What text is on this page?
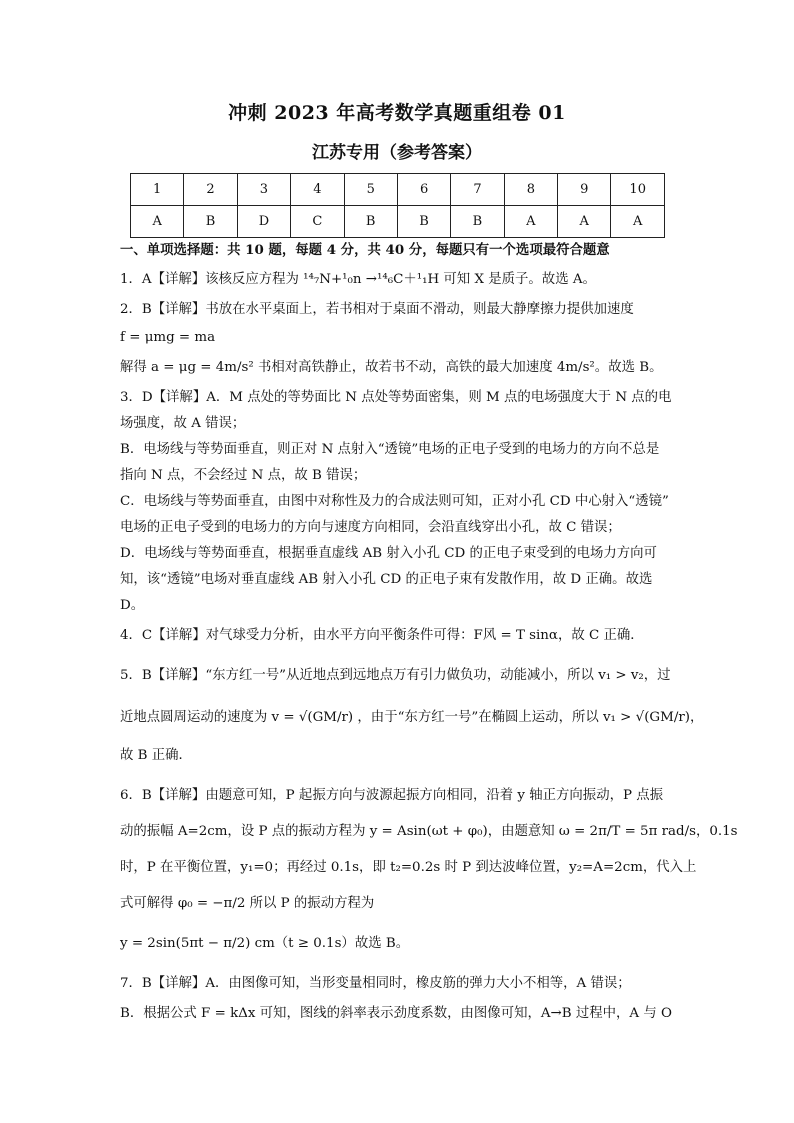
冲刺 2023 年高考数学真题重组卷 01
江苏专用（参考答案）
1	2	3	4	5	6	7	8	9	10
A	B	D	C	B	B	B	A	A	A
一、单项选择题：共 10 题，每题 4 分，共 40 分，每题只有一个选项最符合题意
1．A【详解】该核反应方程为 ¹⁴₇N+¹₀n →¹⁴₆C＋¹₁H 可知 X 是质子。故选 A。
2．B【详解】书放在水平桌面上，若书相对于桌面不滑动，则最大静摩擦力提供加速度
f = μmg = ma
解得 a = μg = 4m/s² 书相对高铁静止，故若书不动，高铁的最大加速度 4m/s²。故选 B。
3．D【详解】A．M 点处的等势面比 N 点处等势面密集，则 M 点的电场强度大于 N 点的电
场强度，故 A 错误；
B．电场线与等势面垂直，则正对 N 点射入“透镜”电场的正电子受到的电场力的方向不总是
指向 N 点，不会经过 N 点，故 B 错误；
C．电场线与等势面垂直，由图中对称性及力的合成法则可知，正对小孔 CD 中心射入“透镜”
电场的正电子受到的电场力的方向与速度方向相同，会沿直线穿出小孔，故 C 错误；
D．电场线与等势面垂直，根据垂直虚线 AB 射入小孔 CD 的正电子束受到的电场力方向可
知，该“透镜”电场对垂直虚线 AB 射入小孔 CD 的正电子束有发散作用，故 D 正确。故选
D。
4．C【详解】对气球受力分析，由水平方向平衡条件可得：F风 = T sinα，故 C 正确．
5．B【详解】“东方红一号”从近地点到远地点万有引力做负功，动能减小，所以 v₁ > v₂，过
近地点圆周运动的速度为 v = √(GM/r) ，由于“东方红一号”在椭圆上运动，所以 v₁ > √(GM/r)，
故 B 正确．
6．B【详解】由题意可知，P 起振方向与波源起振方向相同，沿着 y 轴正方向振动，P 点振
动的振幅 A=2cm，设 P 点的振动方程为 y = Asin(ωt + φ₀)，由题意知 ω = 2π/T = 5π rad/s，0.1s
时，P 在平衡位置，y₁=0；再经过 0.1s，即 t₂=0.2s 时 P 到达波峰位置，y₂=A=2cm，代入上
式可解得 φ₀ = −π/2 所以 P 的振动方程为
y = 2sin(5πt − π/2) cm（t ≥ 0.1s）故选 B。
7．B【详解】A．由图像可知，当形变量相同时，橡皮筋的弹力大小不相等，A 错误；
B．根据公式 F = kΔx 可知，图线的斜率表示劲度系数，由图像可知，A→B 过程中，A 与 O
